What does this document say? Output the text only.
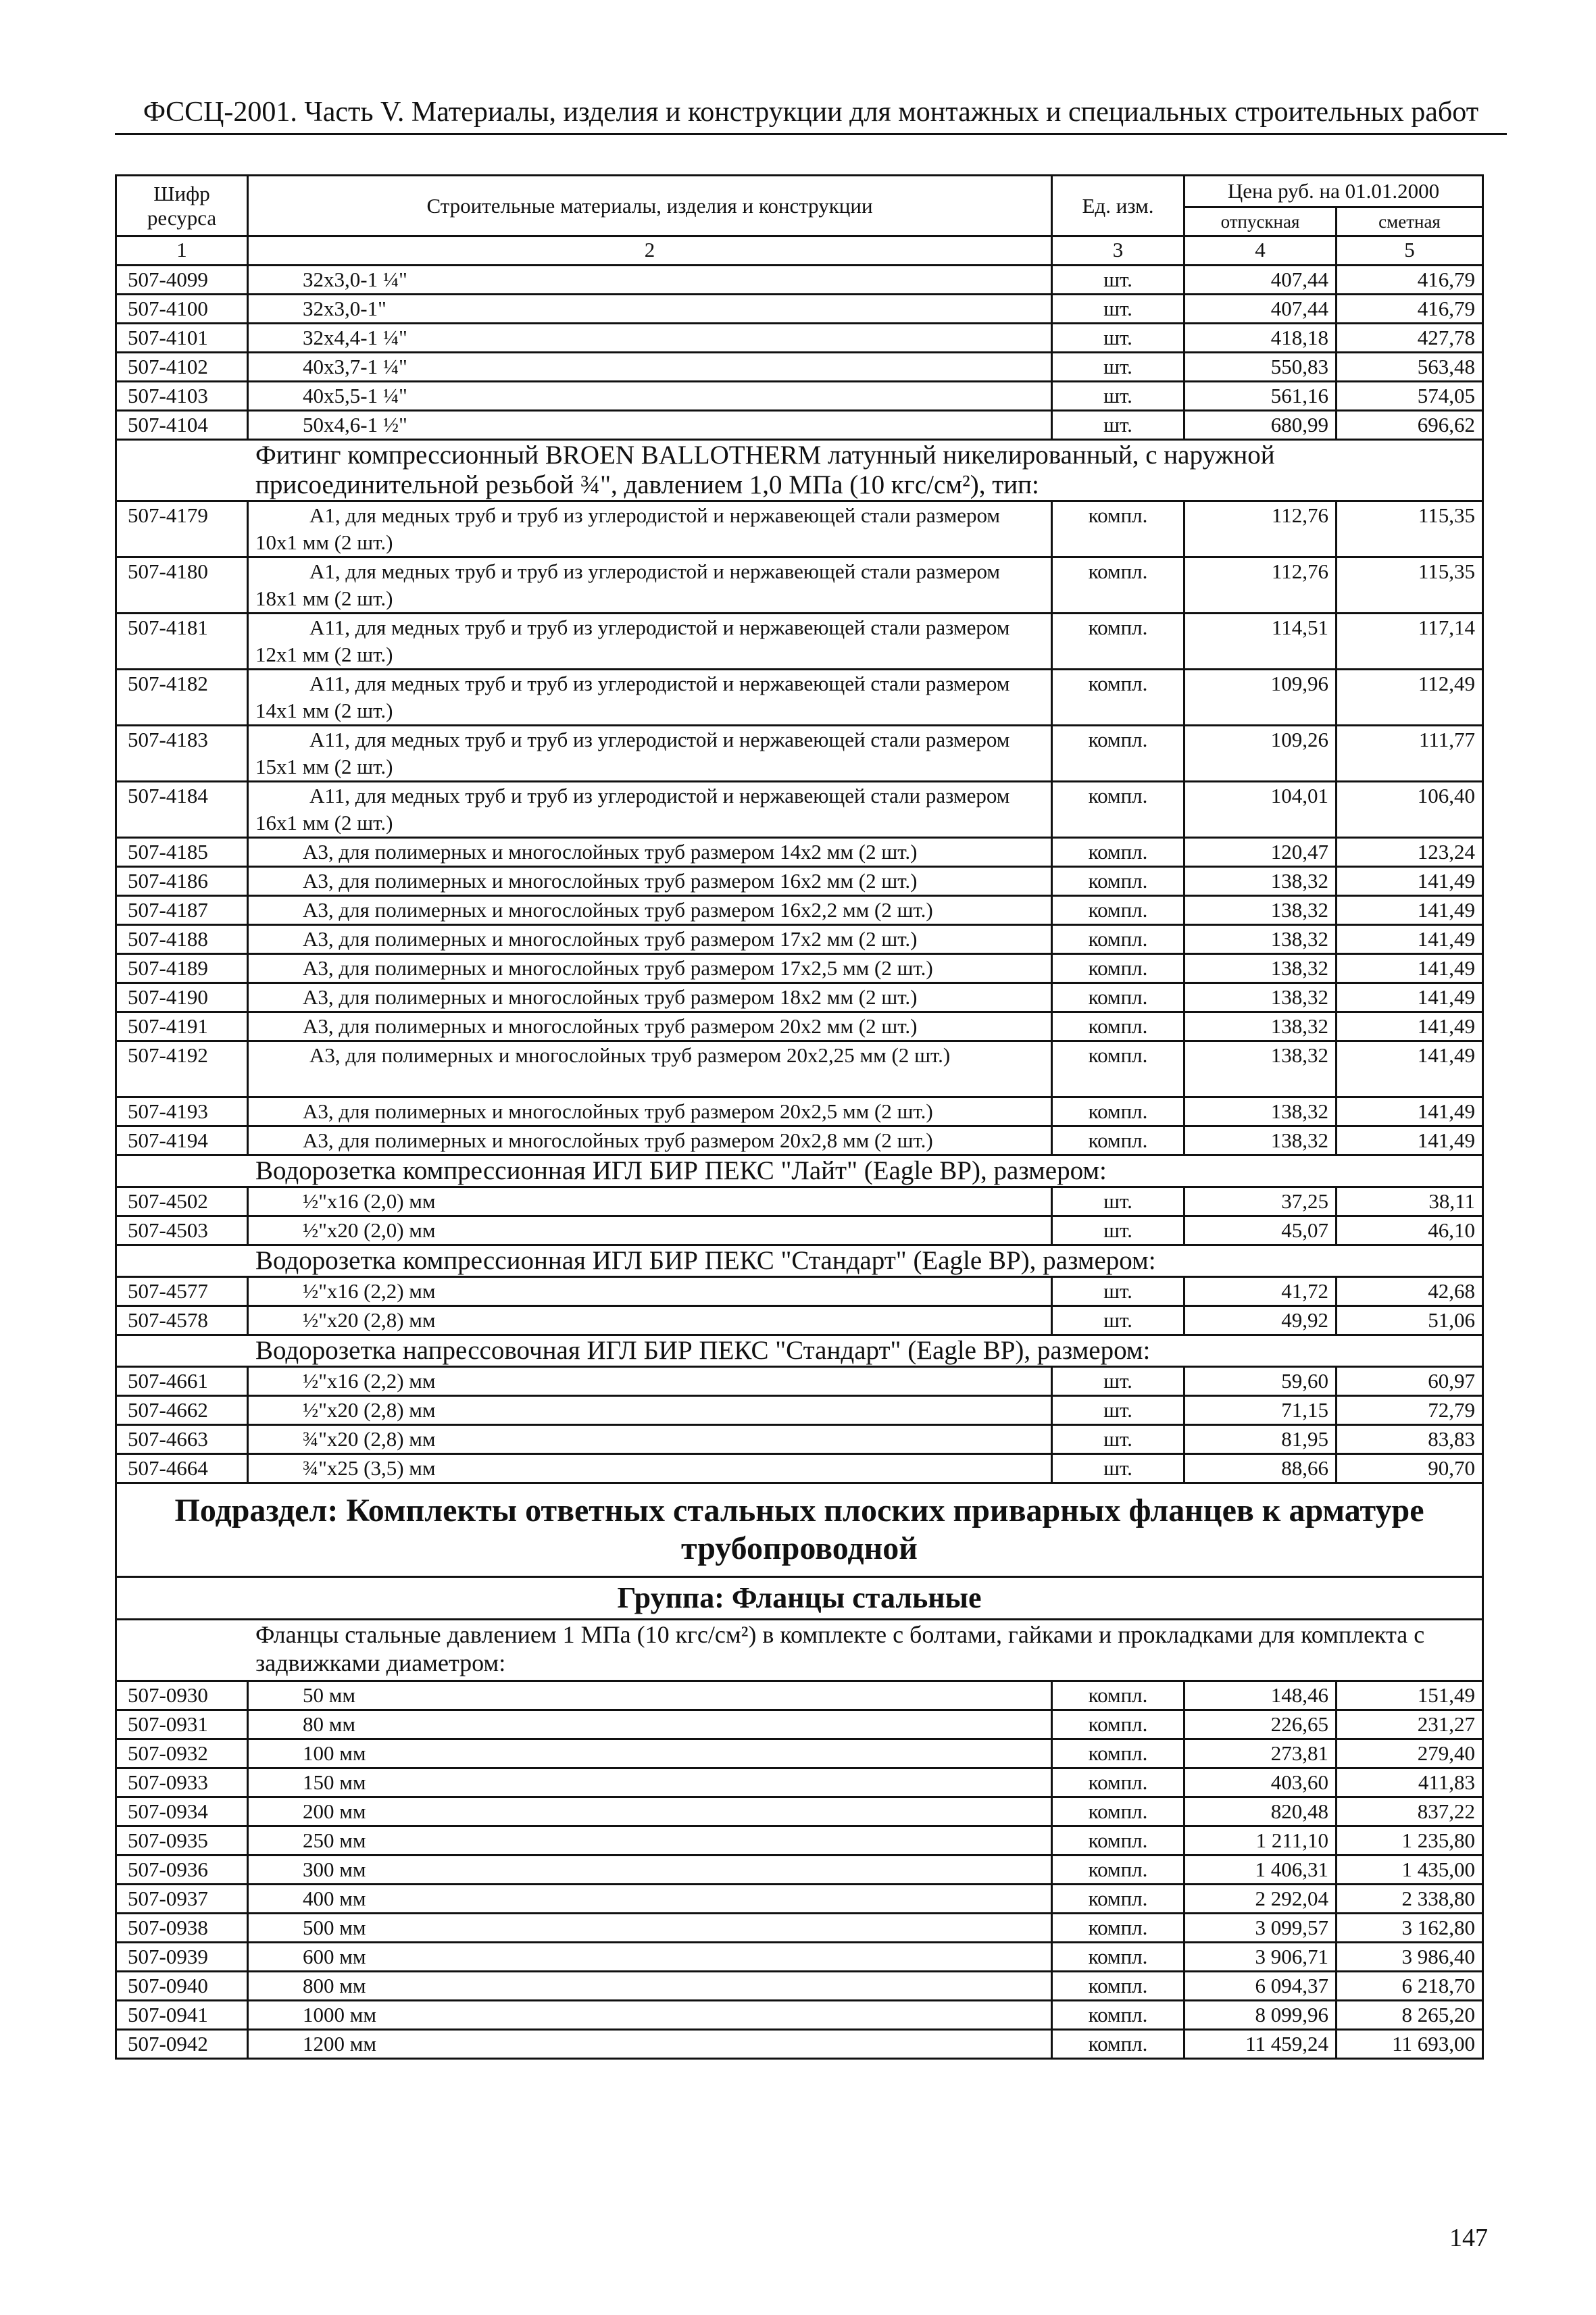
ФССЦ-2001. Часть V. Материалы, изделия и конструкции для монтажных и специальных строительных работ
Шифр ресурса	Строительные материалы, изделия и конструкции	Ед. изм.	Цена руб. на 01.01.2000	
			отпускная	сметная
1	2	3	4	5
507-4099	32x3,0-1 ¼"	шт.	407,44	416,79
507-4100	32x3,0-1"	шт.	407,44	416,79
507-4101	32x4,4-1 ¼"	шт.	418,18	427,78
507-4102	40x3,7-1 ¼"	шт.	550,83	563,48
507-4103	40x5,5-1 ¼"	шт.	561,16	574,05
507-4104	50x4,6-1 ½"	шт.	680,99	696,62
	Фитинг компрессионный BROEN BALLOTHERM латунный никелированный, с наружной присоединительной резьбой ¾", давлением 1,0 МПа (10 кгс/см²), тип:			
507-4179	А1, для медных труб и труб из углеродистой и нержавеющей стали размером 10x1 мм (2 шт.)	компл.	112,76	115,35
507-4180	А1, для медных труб и труб из углеродистой и нержавеющей стали размером 18x1 мм (2 шт.)	компл.	112,76	115,35
507-4181	А11, для медных труб и труб из углеродистой и нержавеющей стали размером 12x1 мм (2 шт.)	компл.	114,51	117,14
507-4182	А11, для медных труб и труб из углеродистой и нержавеющей стали размером 14x1 мм (2 шт.)	компл.	109,96	112,49
507-4183	А11, для медных труб и труб из углеродистой и нержавеющей стали размером 15x1 мм (2 шт.)	компл.	109,26	111,77
507-4184	А11, для медных труб и труб из углеродистой и нержавеющей стали размером 16x1 мм (2 шт.)	компл.	104,01	106,40
507-4185	А3, для полимерных и многослойных труб размером 14x2 мм (2 шт.)	компл.	120,47	123,24
507-4186	А3, для полимерных и многослойных труб размером 16x2 мм (2 шт.)	компл.	138,32	141,49
507-4187	А3, для полимерных и многослойных труб размером 16x2,2 мм (2 шт.)	компл.	138,32	141,49
507-4188	А3, для полимерных и многослойных труб размером 17x2 мм (2 шт.)	компл.	138,32	141,49
507-4189	А3, для полимерных и многослойных труб размером 17x2,5 мм (2 шт.)	компл.	138,32	141,49
507-4190	А3, для полимерных и многослойных труб размером 18x2 мм (2 шт.)	компл.	138,32	141,49
507-4191	А3, для полимерных и многослойных труб размером 20x2 мм (2 шт.)	компл.	138,32	141,49
507-4192	А3, для полимерных и многослойных труб размером 20x2,25 мм (2 шт.)	компл.	138,32	141,49
507-4193	А3, для полимерных и многослойных труб размером 20x2,5 мм (2 шт.)	компл.	138,32	141,49
507-4194	А3, для полимерных и многослойных труб размером 20x2,8 мм (2 шт.)	компл.	138,32	141,49
	Водорозетка компрессионная ИГЛ БИР ПЕКС "Лайт" (Eagle BP), размером:			
507-4502	½"x16 (2,0) мм	шт.	37,25	38,11
507-4503	½"x20 (2,0) мм	шт.	45,07	46,10
	Водорозетка компрессионная ИГЛ БИР ПЕКС "Стандарт" (Eagle BP), размером:			
507-4577	½"x16 (2,2) мм	шт.	41,72	42,68
507-4578	½"x20 (2,8) мм	шт.	49,92	51,06
	Водорозетка напрессовочная ИГЛ БИР ПЕКС "Стандарт" (Eagle BP), размером:			
507-4661	½"x16 (2,2) мм	шт.	59,60	60,97
507-4662	½"x20 (2,8) мм	шт.	71,15	72,79
507-4663	¾"x20 (2,8) мм	шт.	81,95	83,83
507-4664	¾"x25 (3,5) мм	шт.	88,66	90,70
Подраздел: Комплекты ответных стальных плоских приварных фланцев к арматуре трубопроводной				
Группа: Фланцы стальные				
	Фланцы стальные давлением 1 МПа (10 кгс/см²) в комплекте с болтами, гайками и прокладками для комплекта с задвижками диаметром:			
507-0930	50 мм	компл.	148,46	151,49
507-0931	80 мм	компл.	226,65	231,27
507-0932	100 мм	компл.	273,81	279,40
507-0933	150 мм	компл.	403,60	411,83
507-0934	200 мм	компл.	820,48	837,22
507-0935	250 мм	компл.	1 211,10	1 235,80
507-0936	300 мм	компл.	1 406,31	1 435,00
507-0937	400 мм	компл.	2 292,04	2 338,80
507-0938	500 мм	компл.	3 099,57	3 162,80
507-0939	600 мм	компл.	3 906,71	3 986,40
507-0940	800 мм	компл.	6 094,37	6 218,70
507-0941	1000 мм	компл.	8 099,96	8 265,20
507-0942	1200 мм	компл.	11 459,24	11 693,00
147
